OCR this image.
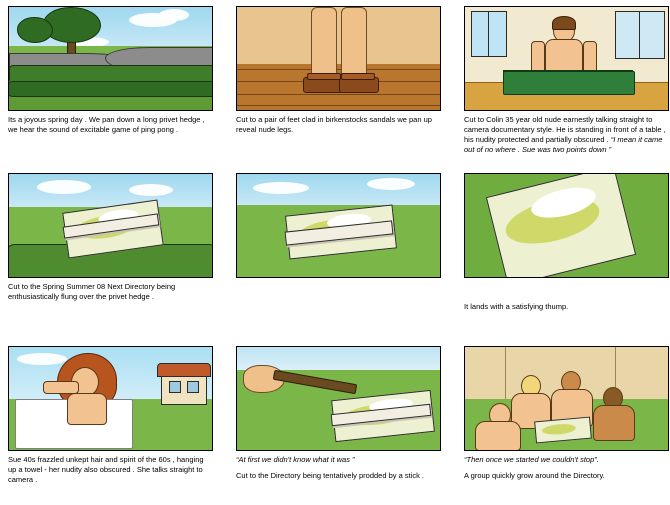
Its a joyous spring day . We pan down a long privet hedge , we hear the sound of excitable game of ping pong .
Cut to a pair of feet clad in birkenstocks sandals we pan up reveal nude legs.
Cut to Colin 35 year old nude earnestly talking straight to camera documentary style. He is standing in front of a table , his nudity protected and partially obscured . “I mean it came out of no where . Sue was two points down ”
Cut to the Spring Summer 08 Next Directory being enthusiastically flung over the privet hedge .
It lands with a satisfying thump.
Sue 40s frazzled unkept hair and spirit of the 60s , hanging up a towel - her nudity also obscured . She talks straight to camera .
“At first we didn't know what it was ”
Cut to the Directory being tentatively prodded by a stick .
“Then once we started we couldn't stop”.
A group quickly grow around the Directory.
